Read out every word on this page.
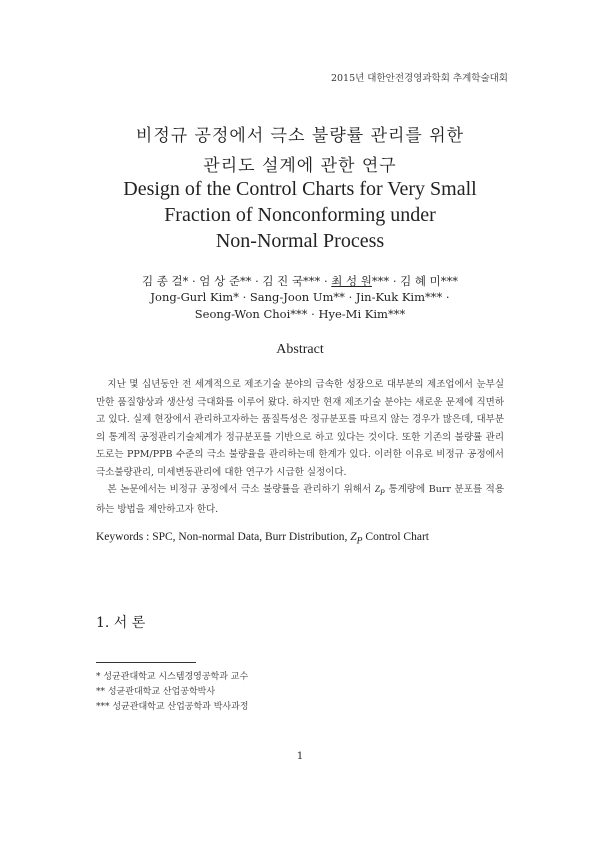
2015년 대한안전경영과학회 추계학술대회
비정규 공정에서 극소 불량률 관리를 위한
관리도 설계에 관한 연구
Design of the Control Charts for Very Small
Fraction of Nonconforming under
Non-Normal Process
김 종 걸* · 엄 상 준** · 김 진 국*** · 최 성 원*** · 김 혜 미***
Jong-Gurl Kim* · Sang-Joon Um** · Jin-Kuk Kim*** ·
Seong-Won Choi*** · Hye-Mi Kim***
Abstract

지난 몇 십년동안 전 세계적으로 제조기술 분야의 급속한 성장으로 대부분의 제조업에서 눈부실만한 품질향상과 생산성 극대화를 이루어 왔다. 하지만 현재 제조기술 분야는 새로운 문제에 직면하고 있다. 실제 현장에서 관리하고자하는 품질특성은 정규분포를 따르지 않는 경우가 많은데, 대부분의 통계적 공정관리기술체계가 정규분포를 기반으로 하고 있다는 것이다. 또한 기존의 불량률 관리도로는 PPM/PPB 수준의 극소 불량율을 관리하는데 한계가 있다. 이러한 이유로 비정규 공정에서 극소불량관리, 미세변동관리에 대한 연구가 시급한 실정이다.

본 논문에서는 비정규 공정에서 극소 불량률을 관리하기 위해서 $Z_P$ 통계량에 Burr 분포를 적용하는 방법을 제안하고자 한다.

Keywords : SPC, Non-normal Data, Burr Distribution, $Z_P$ Control Chart
1. 서 론
* 성균관대학교 시스템경영공학과 교수
** 성균관대학교 산업공학박사
*** 성균관대학교 산업공학과 박사과정
1
